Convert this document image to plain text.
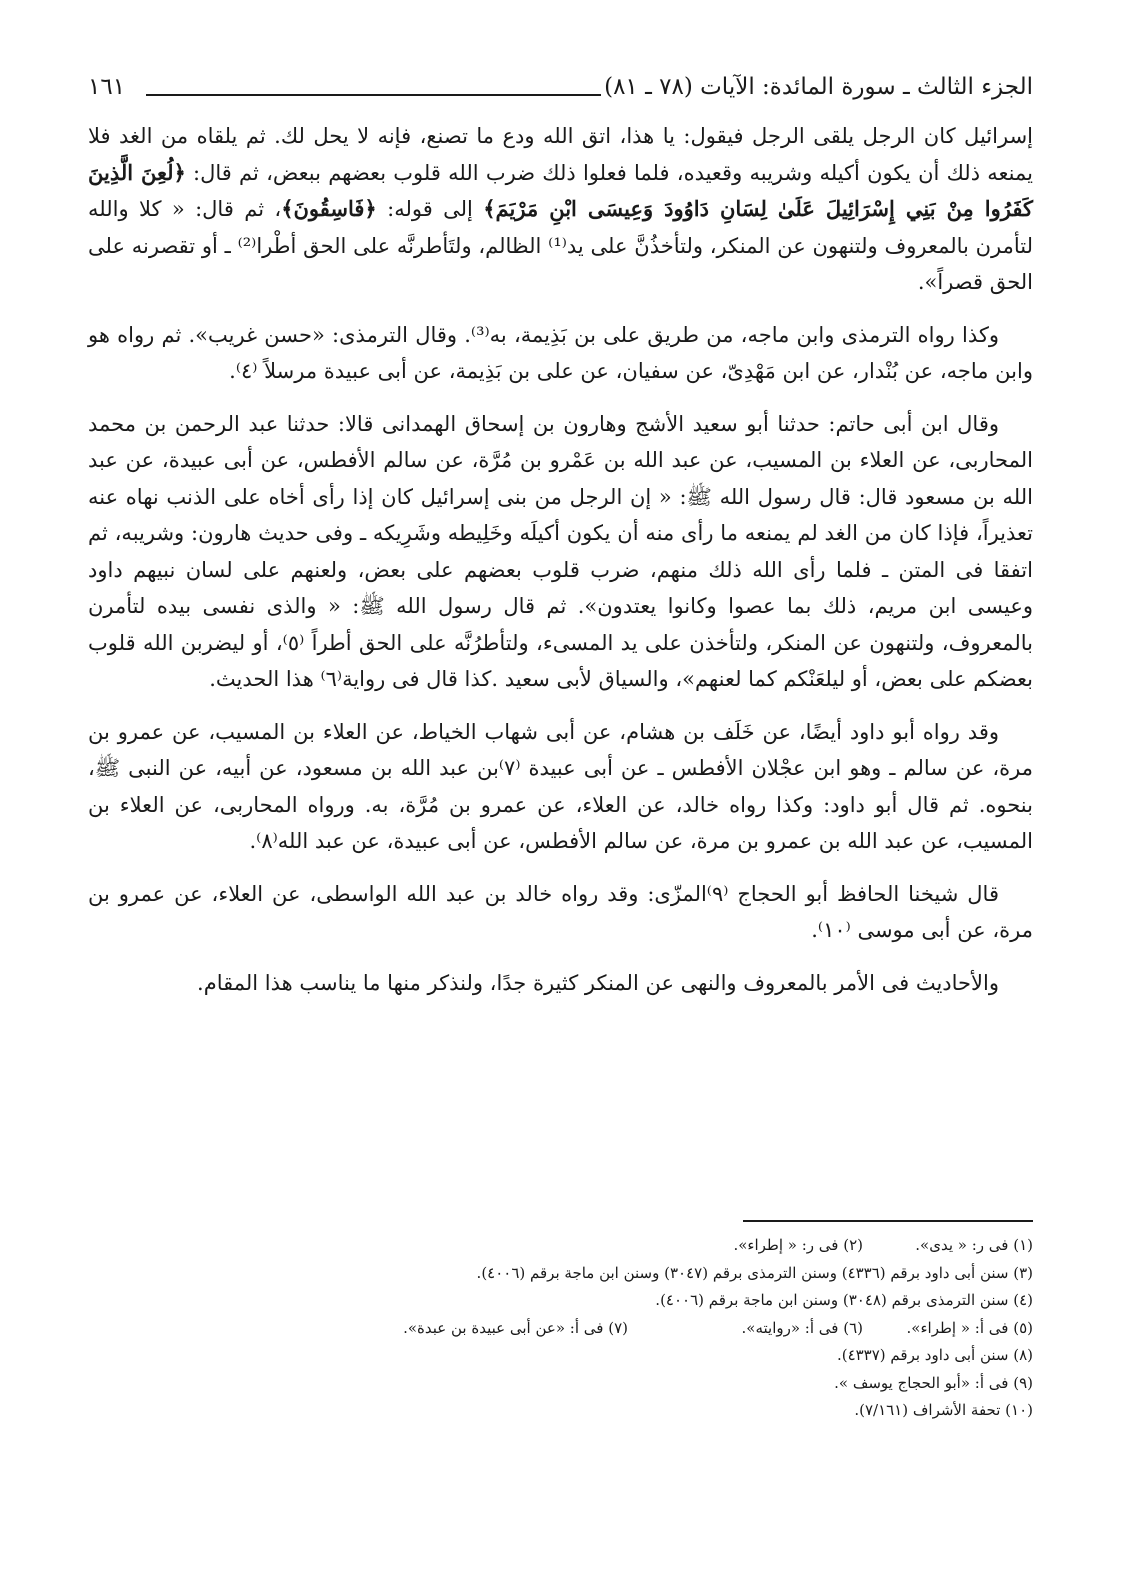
الجزء الثالث ـ سورة المائدة: الآيات (٧٨ ـ ٨١)
١٦١

إسرائيل كان الرجل يلقى الرجل فيقول: يا هذا، اتق الله ودع ما تصنع، فإنه لا يحل لك. ثم يلقاه من الغد فلا يمنعه ذلك أن يكون أكيله وشريبه وقعيده، فلما فعلوا ذلك ضرب الله قلوب بعضهم ببعض، ثم قال: ﴿لُعِنَ الَّذِينَ كَفَرُوا مِنْ بَنِي إِسْرَائِيلَ عَلَىٰ لِسَانِ دَاوُودَ وَعِيسَى ابْنِ مَرْيَمَ﴾ إلى قوله: ﴿فَاسِقُونَ﴾، ثم قال: « كلا والله لتأمرن بالمعروف ولتنهون عن المنكر، ولتأخذُنَّ على يد⁽¹⁾ الظالم، ولتَأطرنَّه على الحق أطْرا⁽²⁾ ـ أو تقصرنه على الحق قصراً».

وكذا رواه الترمذى وابن ماجه، من طريق على بن بَذِيمة، به⁽³⁾. وقال الترمذى: «حسن غريب». ثم رواه هو وابن ماجه، عن بُنْدار، عن ابن مَهْدِىّ، عن سفيان، عن على بن بَذِيمة، عن أبى عبيدة مرسلاً ⁽٤⁾.

وقال ابن أبى حاتم: حدثنا أبو سعيد الأشج وهارون بن إسحاق الهمدانى قالا: حدثنا عبد الرحمن بن محمد المحاربى، عن العلاء بن المسيب، عن عبد الله بن عَمْرو بن مُرَّة، عن سالم الأفطس، عن أبى عبيدة، عن عبد الله بن مسعود قال: قال رسول الله ﷺ: « إن الرجل من بنى إسرائيل كان إذا رأى أخاه على الذنب نهاه عنه تعذيراً، فإذا كان من الغد لم يمنعه ما رأى منه أن يكون أكيلَه وخَلِيطه وشَرِيكه ـ وفى حديث هارون: وشريبه، ثم اتفقا فى المتن ـ فلما رأى الله ذلك منهم، ضرب قلوب بعضهم على بعض، ولعنهم على لسان نبيهم داود وعيسى ابن مريم، ذلك بما عصوا وكانوا يعتدون». ثم قال رسول الله ﷺ: « والذى نفسى بيده لتأمرن بالمعروف، ولتنهون عن المنكر، ولتأخذن على يد المسىء، ولتأطرُنَّه على الحق أطراً ⁽٥⁾، أو ليضربن الله قلوب بعضكم على بعض، أو ليلعَنْكم كما لعنهم»، والسياق لأبى سعيد .كذا قال فى رواية⁽٦⁾ هذا الحديث.

وقد رواه أبو داود أيضًا، عن خَلَف بن هشام، عن أبى شهاب الخياط، عن العلاء بن المسيب، عن عمرو بن مرة، عن سالم ـ وهو ابن عجْلان الأفطس ـ عن أبى عبيدة ⁽٧⁾بن عبد الله بن مسعود، عن أبيه، عن النبى ﷺ، بنحوه. ثم قال أبو داود: وكذا رواه خالد، عن العلاء، عن عمرو بن مُرَّة، به. ورواه المحاربى، عن العلاء بن المسيب، عن عبد الله بن عمرو بن مرة، عن سالم الأفطس، عن أبى عبيدة، عن عبد الله⁽٨⁾.

قال شيخنا الحافظ أبو الحجاج ⁽٩⁾المزّى: وقد رواه خالد بن عبد الله الواسطى، عن العلاء، عن عمرو بن مرة، عن أبى موسى ⁽١٠⁾.

والأحاديث فى الأمر بالمعروف والنهى عن المنكر كثيرة جدًا، ولنذكر منها ما يناسب هذا المقام.

(١) فى ر: « يدى».
(٢) فى ر: « إطراء».
(٣) سنن أبى داود برقم (٤٣٣٦) وسنن الترمذى برقم (٣٠٤٧) وسنن ابن ماجة برقم (٤٠٠٦).
(٤) سنن الترمذى برقم (٣٠٤٨) وسنن ابن ماجة برقم (٤٠٠٦).
(٥) فى أ: « إطراء».
(٦) فى أ: «روايته».
(٧) فى أ: «عن أبى عبيدة بن عبدة».
(٨) سنن أبى داود برقم (٤٣٣٧).
(٩) فى أ: «أبو الحجاج يوسف ».
(١٠) تحفة الأشراف (٧/١٦١).
